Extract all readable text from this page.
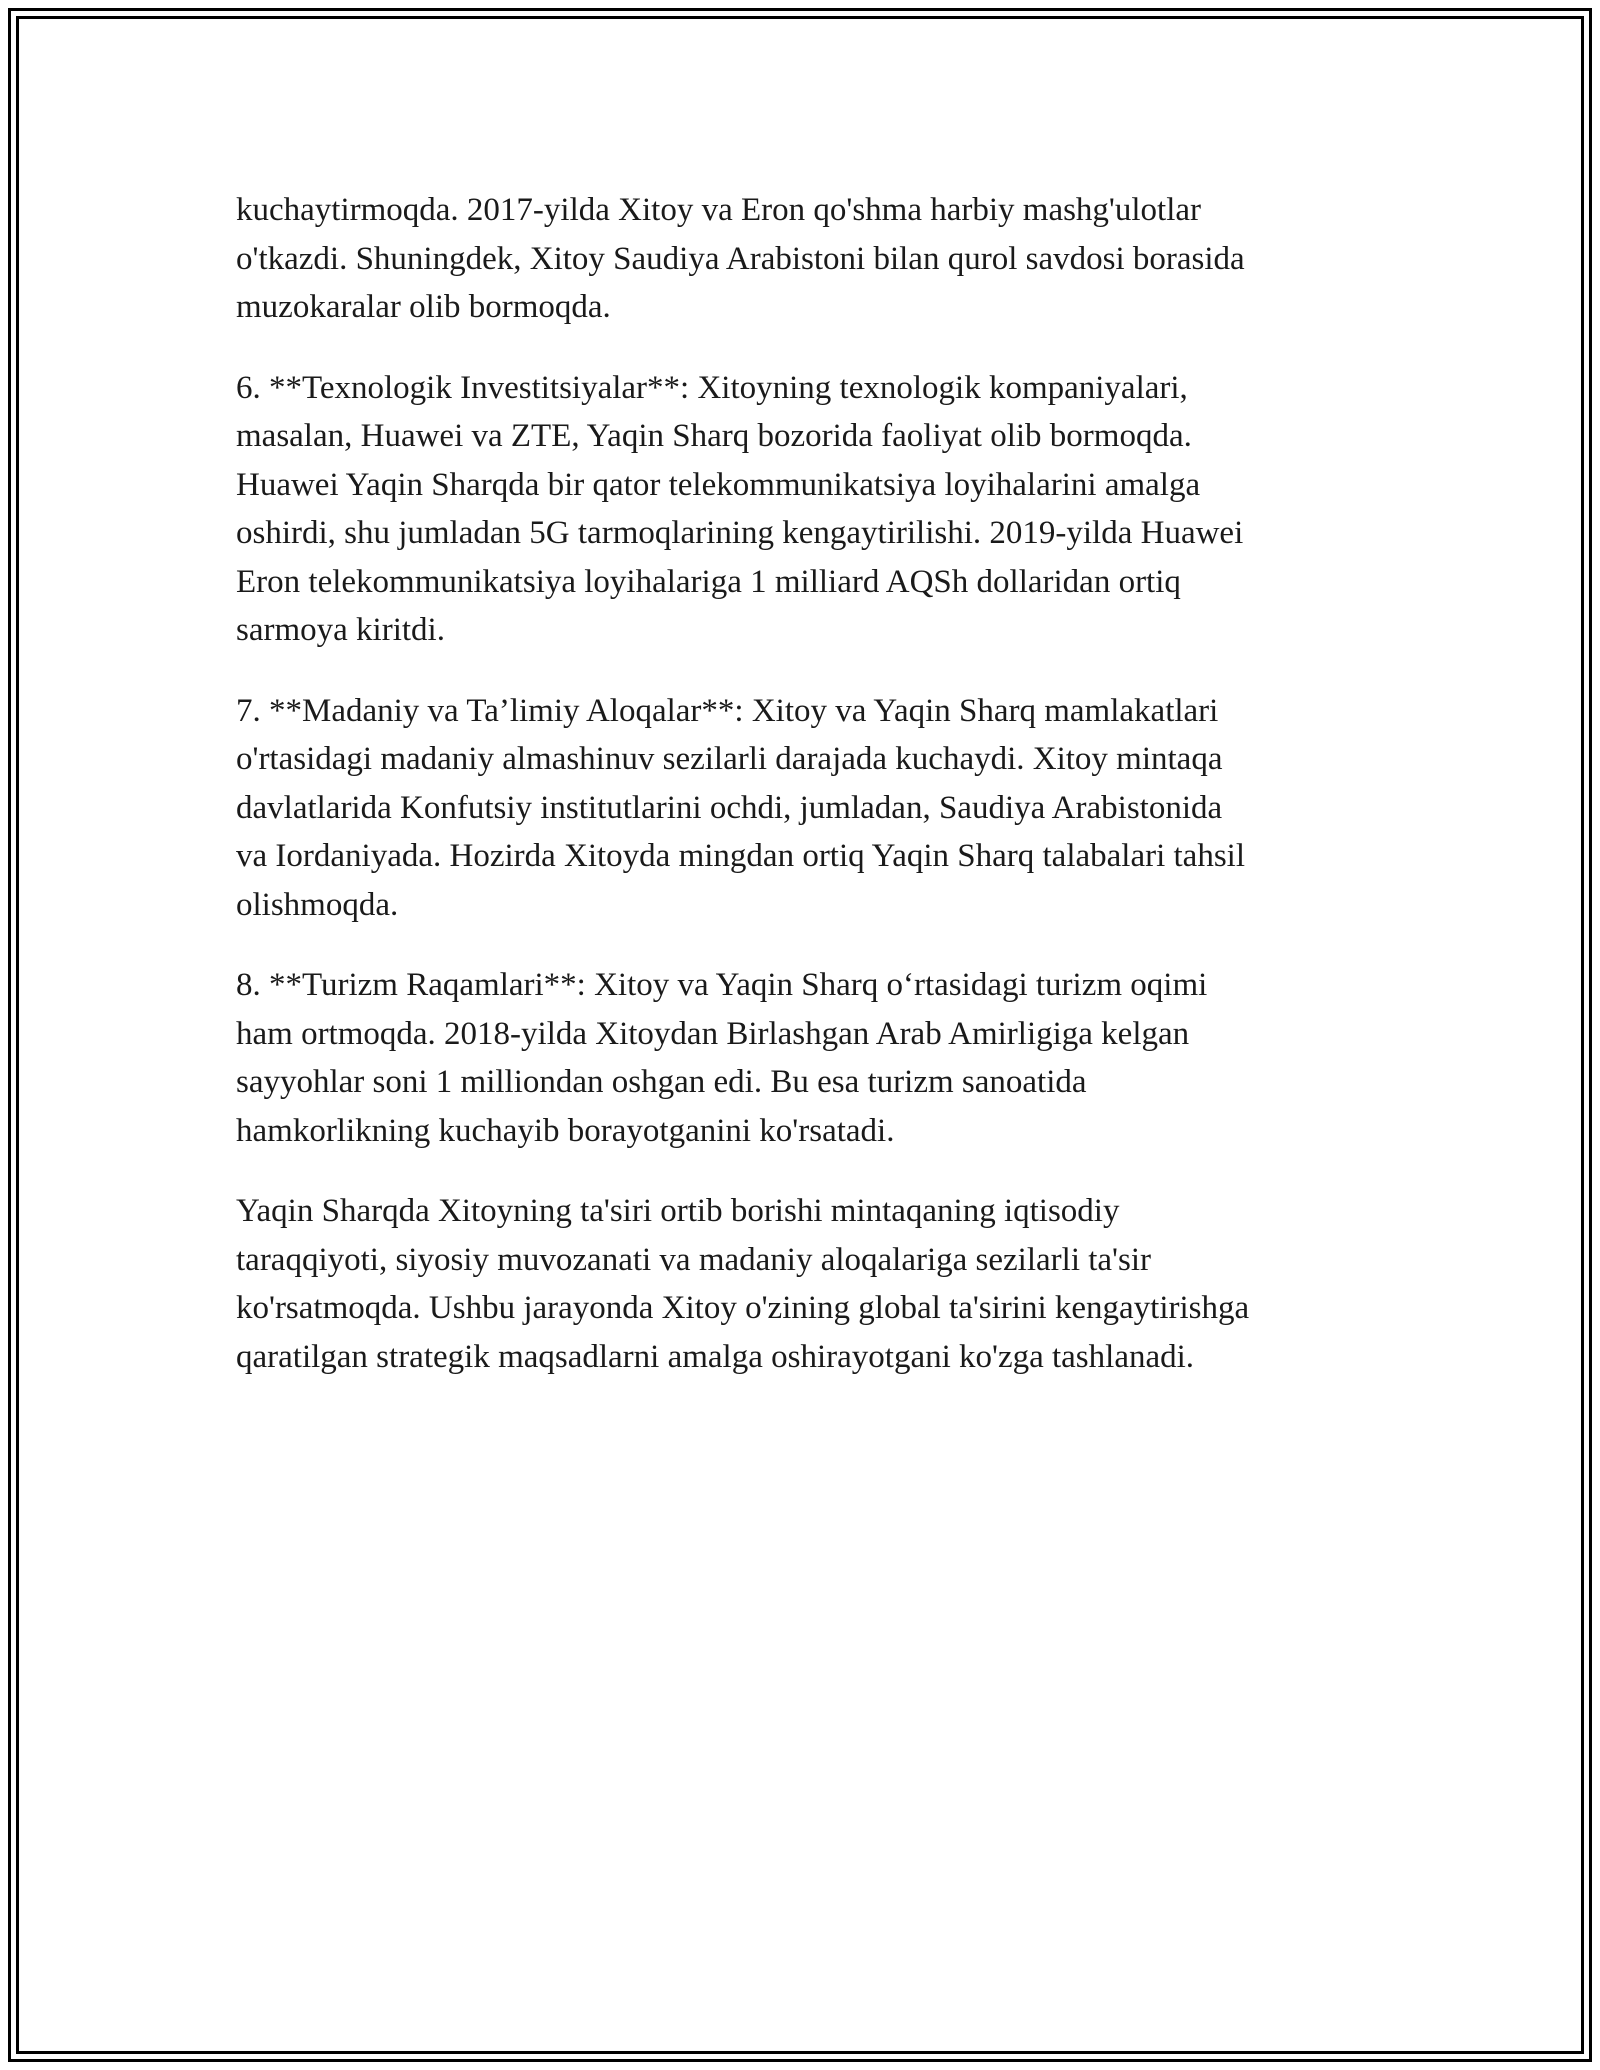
kuchaytirmoqda. 2017-yilda Xitoy va Eron qo'shma harbiy mashg'ulotlar
o'tkazdi. Shuningdek, Xitoy Saudiya Arabistoni bilan qurol savdosi borasida
muzokaralar olib bormoqda.

6. **Texnologik Investitsiyalar**: Xitoyning texnologik kompaniyalari,
masalan, Huawei va ZTE, Yaqin Sharq bozorida faoliyat olib bormoqda.
Huawei Yaqin Sharqda bir qator telekommunikatsiya loyihalarini amalga
oshirdi, shu jumladan 5G tarmoqlarining kengaytirilishi. 2019-yilda Huawei
Eron telekommunikatsiya loyihalariga 1 milliard AQSh dollaridan ortiq
sarmoya kiritdi.

7. **Madaniy va Ta’limiy Aloqalar**: Xitoy va Yaqin Sharq mamlakatlari
o'rtasidagi madaniy almashinuv sezilarli darajada kuchaydi. Xitoy mintaqa
davlatlarida Konfutsiy institutlarini ochdi, jumladan, Saudiya Arabistonida
va Iordaniyada. Hozirda Xitoyda mingdan ortiq Yaqin Sharq talabalari tahsil
olishmoqda.

8. **Turizm Raqamlari**: Xitoy va Yaqin Sharq o‘rtasidagi turizm oqimi
ham ortmoqda. 2018-yilda Xitoydan Birlashgan Arab Amirligiga kelgan
sayyohlar soni 1 milliondan oshgan edi. Bu esa turizm sanoatida
hamkorlikning kuchayib borayotganini ko'rsatadi.

Yaqin Sharqda Xitoyning ta'siri ortib borishi mintaqaning iqtisodiy
taraqqiyoti, siyosiy muvozanati va madaniy aloqalariga sezilarli ta'sir
ko'rsatmoqda. Ushbu jarayonda Xitoy o'zining global ta'sirini kengaytirishga
qaratilgan strategik maqsadlarni amalga oshirayotgani ko'zga tashlanadi.
